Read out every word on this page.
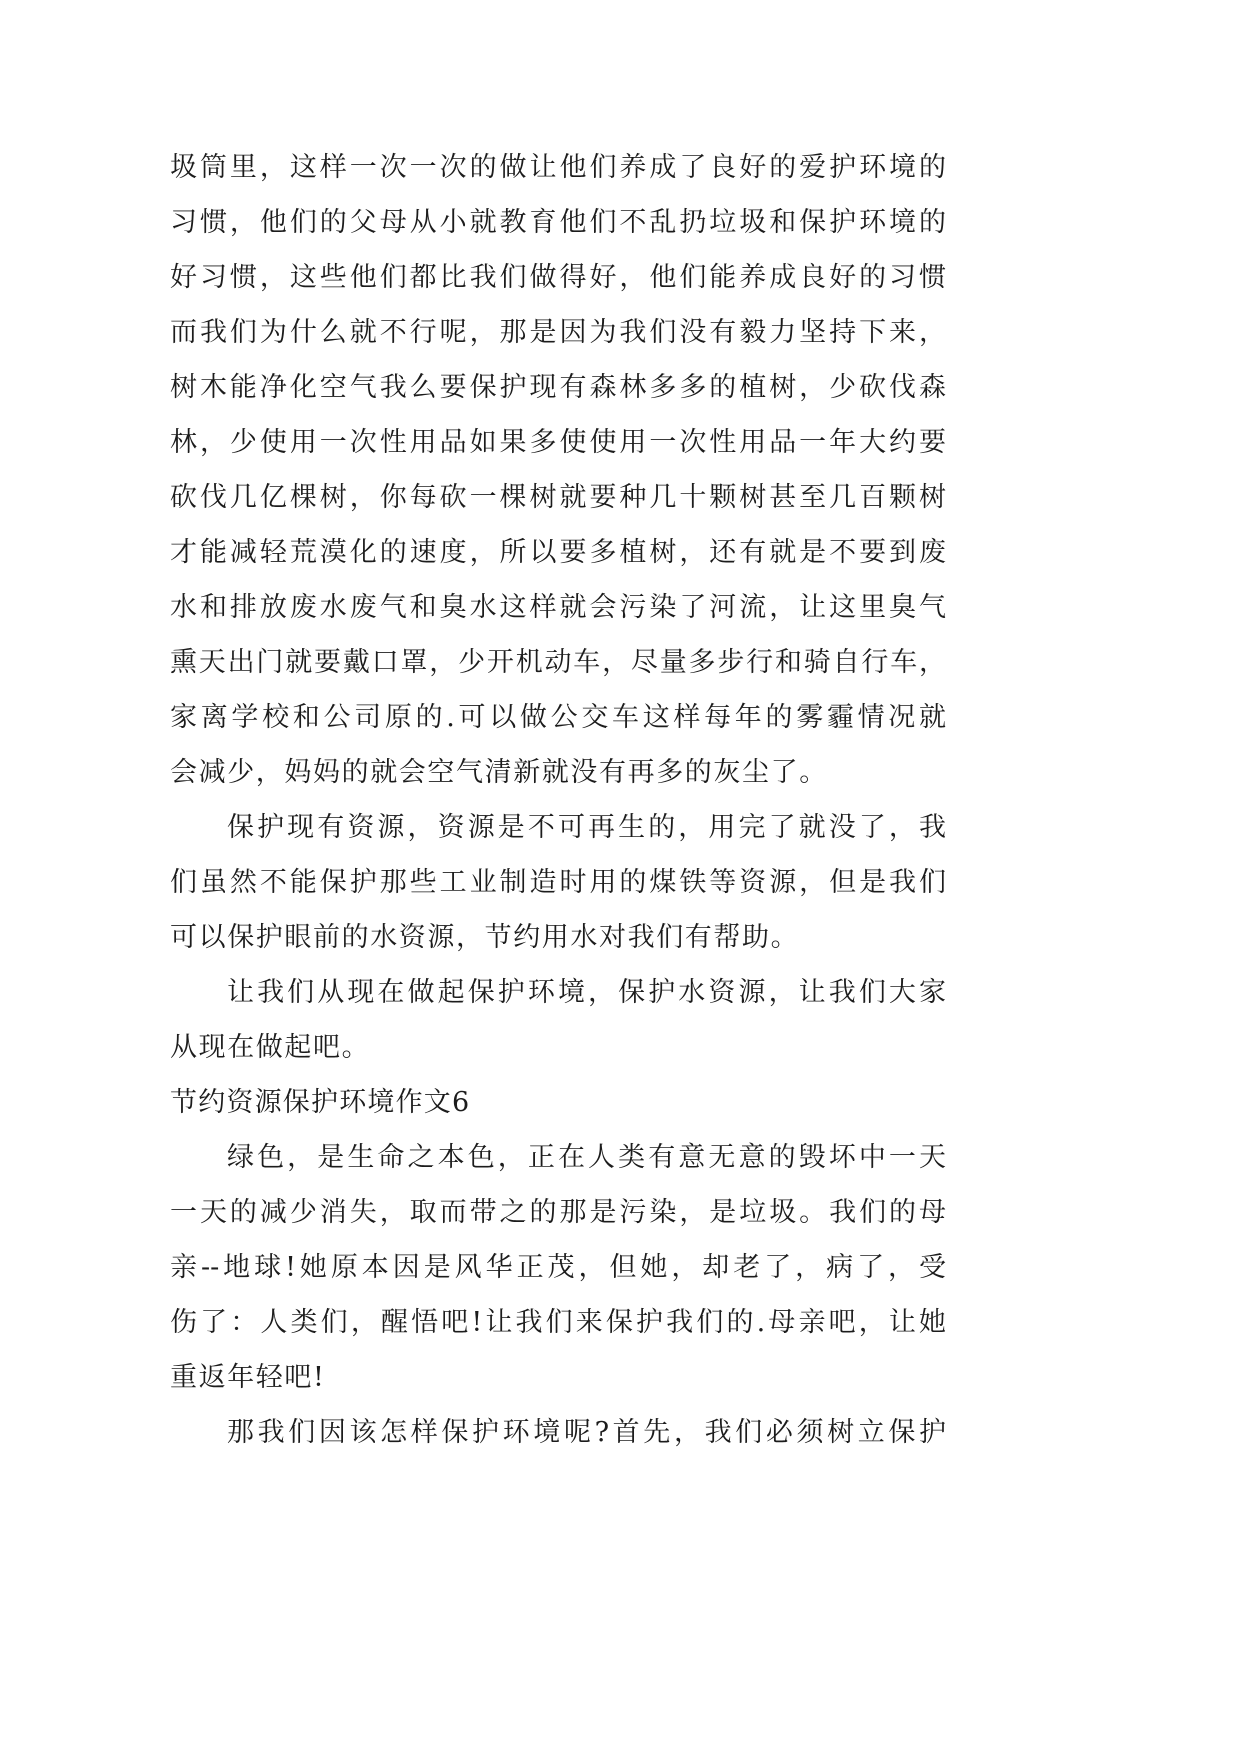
圾筒里，这样一次一次的做让他们养成了良好的爱护环境的
习惯，他们的父母从小就教育他们不乱扔垃圾和保护环境的
好习惯，这些他们都比我们做得好，他们能养成良好的习惯
而我们为什么就不行呢，那是因为我们没有毅力坚持下来，
树木能净化空气我么要保护现有森林多多的植树，少砍伐森
林，少使用一次性用品如果多使使用一次性用品一年大约要
砍伐几亿棵树，你每砍一棵树就要种几十颗树甚至几百颗树
才能减轻荒漠化的速度，所以要多植树，还有就是不要到废
水和排放废水废气和臭水这样就会污染了河流，让这里臭气
熏天出门就要戴口罩，少开机动车，尽量多步行和骑自行车，
家离学校和公司原的.可以做公交车这样每年的雾霾情况就
会减少，妈妈的就会空气清新就没有再多的灰尘了。
保护现有资源，资源是不可再生的，用完了就没了，我
们虽然不能保护那些工业制造时用的煤铁等资源，但是我们
可以保护眼前的水资源，节约用水对我们有帮助。
让我们从现在做起保护环境，保护水资源，让我们大家
从现在做起吧。
节约资源保护环境作文6
绿色，是生命之本色，正在人类有意无意的毁坏中一天
一天的减少消失，取而带之的那是污染，是垃圾。我们的母
亲--地球!她原本因是风华正茂，但她，却老了，病了，受
伤了：人类们，醒悟吧!让我们来保护我们的.母亲吧，让她
重返年轻吧!
那我们因该怎样保护环境呢?首先，我们必须树立保护
